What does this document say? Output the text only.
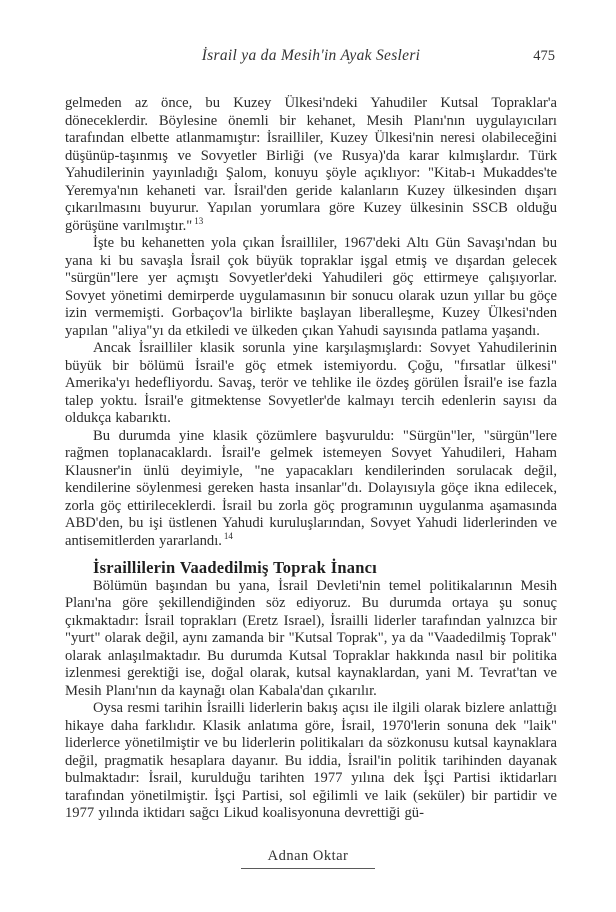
İsrail ya da Mesih'in Ayak Sesleri	475

gelmeden az önce, bu Kuzey Ülkesi'ndeki Yahudiler Kutsal Topraklar'a döneceklerdir. Böylesine önemli bir kehanet, Mesih Planı'nın uygulayıcıları tarafından elbette atlanmamıştır: İsrailliler, Kuzey Ülkesi'nin neresi olabileceğini düşünüp-taşınmış ve Sovyetler Birliği (ve Rusya)'da karar kılmışlardır. Türk Yahudilerinin yayınladığı Şalom, konuyu şöyle açıklıyor: "Kitab-ı Mukaddes'te Yeremya'nın kehaneti var. İsrail'den geride kalanların Kuzey ülkesinden dışarı çıkarılmasını buyurur. Yapılan yorumlara göre Kuzey ülkesinin SSCB olduğu görüşüne varılmıştır." $^{13}$

İşte bu kehanetten yola çıkan İsrailliler, 1967'deki Altı Gün Savaşı'ndan bu yana ki bu savaşla İsrail çok büyük topraklar işgal etmiş ve dışardan gelecek "sürgün"lere yer açmıştı Sovyetler'deki Yahudileri göç ettirmeye çalışıyorlar. Sovyet yönetimi demirperde uygulamasının bir sonucu olarak uzun yıllar bu göçe izin vermemişti. Gorbaçov'la birlikte başlayan liberalleşme, Kuzey Ülkesi'nden yapılan "aliya"yı da etkiledi ve ülkeden çıkan Yahudi sayısında patlama yaşandı.

Ancak İsrailliler klasik sorunla yine karşılaşmışlardı: Sovyet Yahudilerinin büyük bir bölümü İsrail'e göç etmek istemiyordu. Çoğu, "fırsatlar ülkesi" Amerika'yı hedefliyordu. Savaş, terör ve tehlike ile özdeş görülen İsrail'e ise fazla talep yoktu. İsrail'e gitmektense Sovyetler'de kalmayı tercih edenlerin sayısı da oldukça kabarıktı.

Bu durumda yine klasik çözümlere başvuruldu: "Sürgün"ler, "sürgün"lere rağmen toplanacaklardı. İsrail'e gelmek istemeyen Sovyet Yahudileri, Haham Klausner'in ünlü deyimiyle, "ne yapacakları kendilerinden sorulacak değil, kendilerine söylenmesi gereken hasta insanlar"dı. Dolayısıyla göçe ikna edilecek, zorla göç ettirileceklerdi. İsrail bu zorla göç programının uygulanma aşamasında ABD'den, bu işi üstlenen Yahudi kuruluşlarından, Sovyet Yahudi liderlerinden ve antisemitlerden yararlandı. $^{14}$

İsraillilerin Vaadedilmiş Toprak İnancı

Bölümün başından bu yana, İsrail Devleti'nin temel politikalarının Mesih Planı'na göre şekillendiğinden söz ediyoruz. Bu durumda ortaya şu sonuç çıkmaktadır: İsrail toprakları (Eretz Israel), İsrailli liderler tarafından yalnızca bir "yurt" olarak değil, aynı zamanda bir "Kutsal Toprak", ya da "Vaadedilmiş Toprak" olarak anlaşılmaktadır. Bu durumda Kutsal Topraklar hakkında nasıl bir politika izlenmesi gerektiği ise, doğal olarak, kutsal kaynaklardan, yani M. Tevrat'tan ve Mesih Planı'nın da kaynağı olan Kabala'dan çıkarılır.

Oysa resmi tarihin İsrailli liderlerin bakış açısı ile ilgili olarak bizlere anlattığı hikaye daha farklıdır. Klasik anlatıma göre, İsrail, 1970'lerin sonuna dek "laik" liderlerce yönetilmiştir ve bu liderlerin politikaları da sözkonusu kutsal kaynaklara değil, pragmatik hesaplara dayanır. Bu iddia, İsrail'in politik tarihinden dayanak bulmaktadır: İsrail, kurulduğu tarihten 1977 yılına dek İşçi Partisi iktidarları tarafından yönetilmiştir. İşçi Partisi, sol eğilimli ve laik (seküler) bir partidir ve 1977 yılında iktidarı sağcı Likud koalisyonuna devrettiği gü-

Adnan Oktar
